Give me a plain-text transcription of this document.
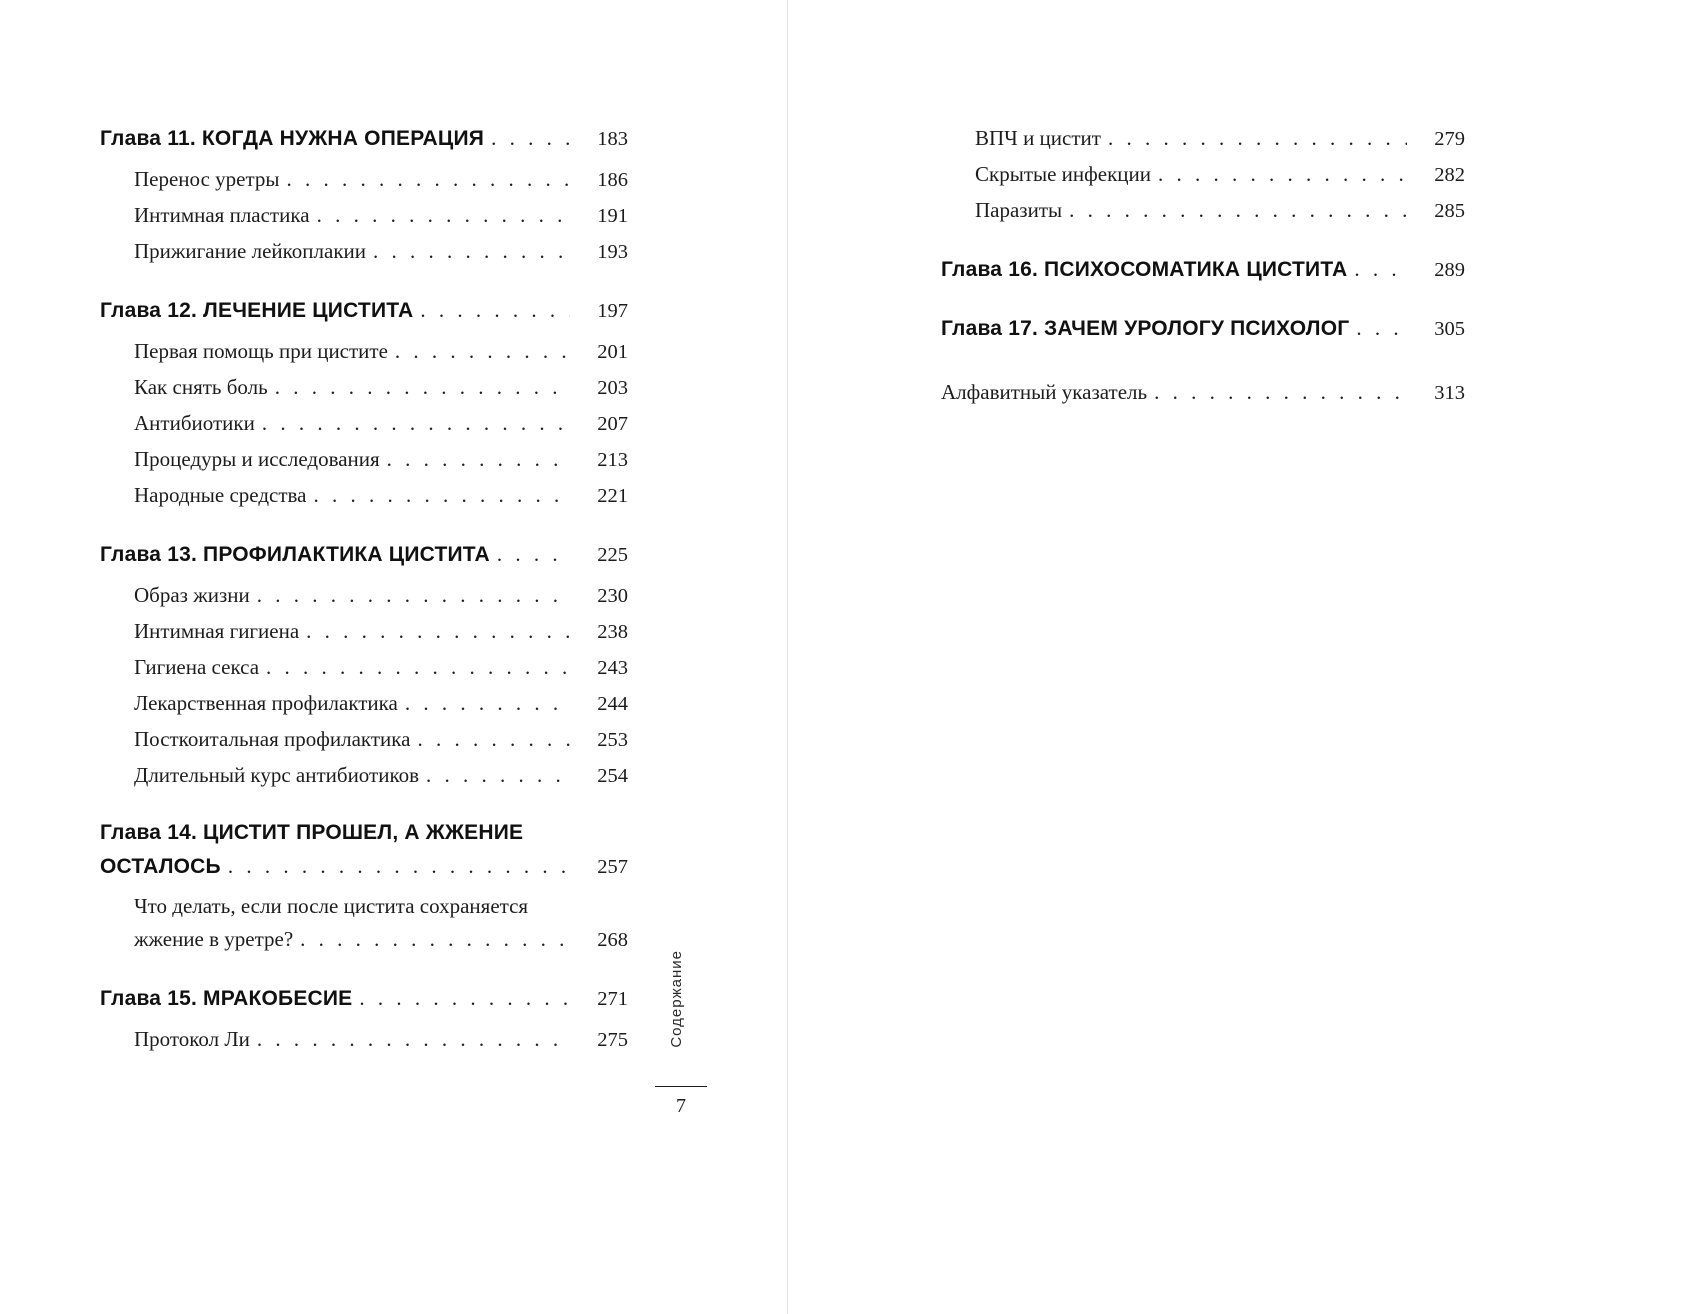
Глава 11. КОГДА НУЖНА ОПЕРАЦИЯ . . .	183
Перенос уретры . . .	186
Интимная пластика . . .	191
Прижигание лейкоплакии . . .	193
Глава 12. ЛЕЧЕНИЕ ЦИСТИТА . . .	197
Первая помощь при цистите . . .	201
Как снять боль . . .	203
Антибиотики . . .	207
Процедуры и исследования . . .	213
Народные средства . . .	221
Глава 13. ПРОФИЛАКТИКА ЦИСТИТА . . .	225
Образ жизни . . .	230
Интимная гигиена . . .	238
Гигиена секса . . .	243
Лекарственная профилактика . . .	244
Посткоитальная профилактика . . .	253
Длительный курс антибиотиков . . .	254
Глава 14. ЦИСТИТ ПРОШЕЛ, А ЖЖЕНИЕ
ОСТАЛОСЬ . . .	257
Что делать, если после цистита сохраняется
жжение в уретре? . . .	268
Глава 15. МРАКОБЕСИЕ . . .	271
Протокол Ли . . .	275	Содержание
7
ВПЧ и цистит . . .	279
Скрытые инфекции . . .	282
Паразиты . . .	285
Глава 16. ПСИХОСОМАТИКА ЦИСТИТА . . .	289
Глава 17. ЗАЧЕМ УРОЛОГУ ПСИХОЛОГ . . .	305
Алфавитный указатель . . .	313
